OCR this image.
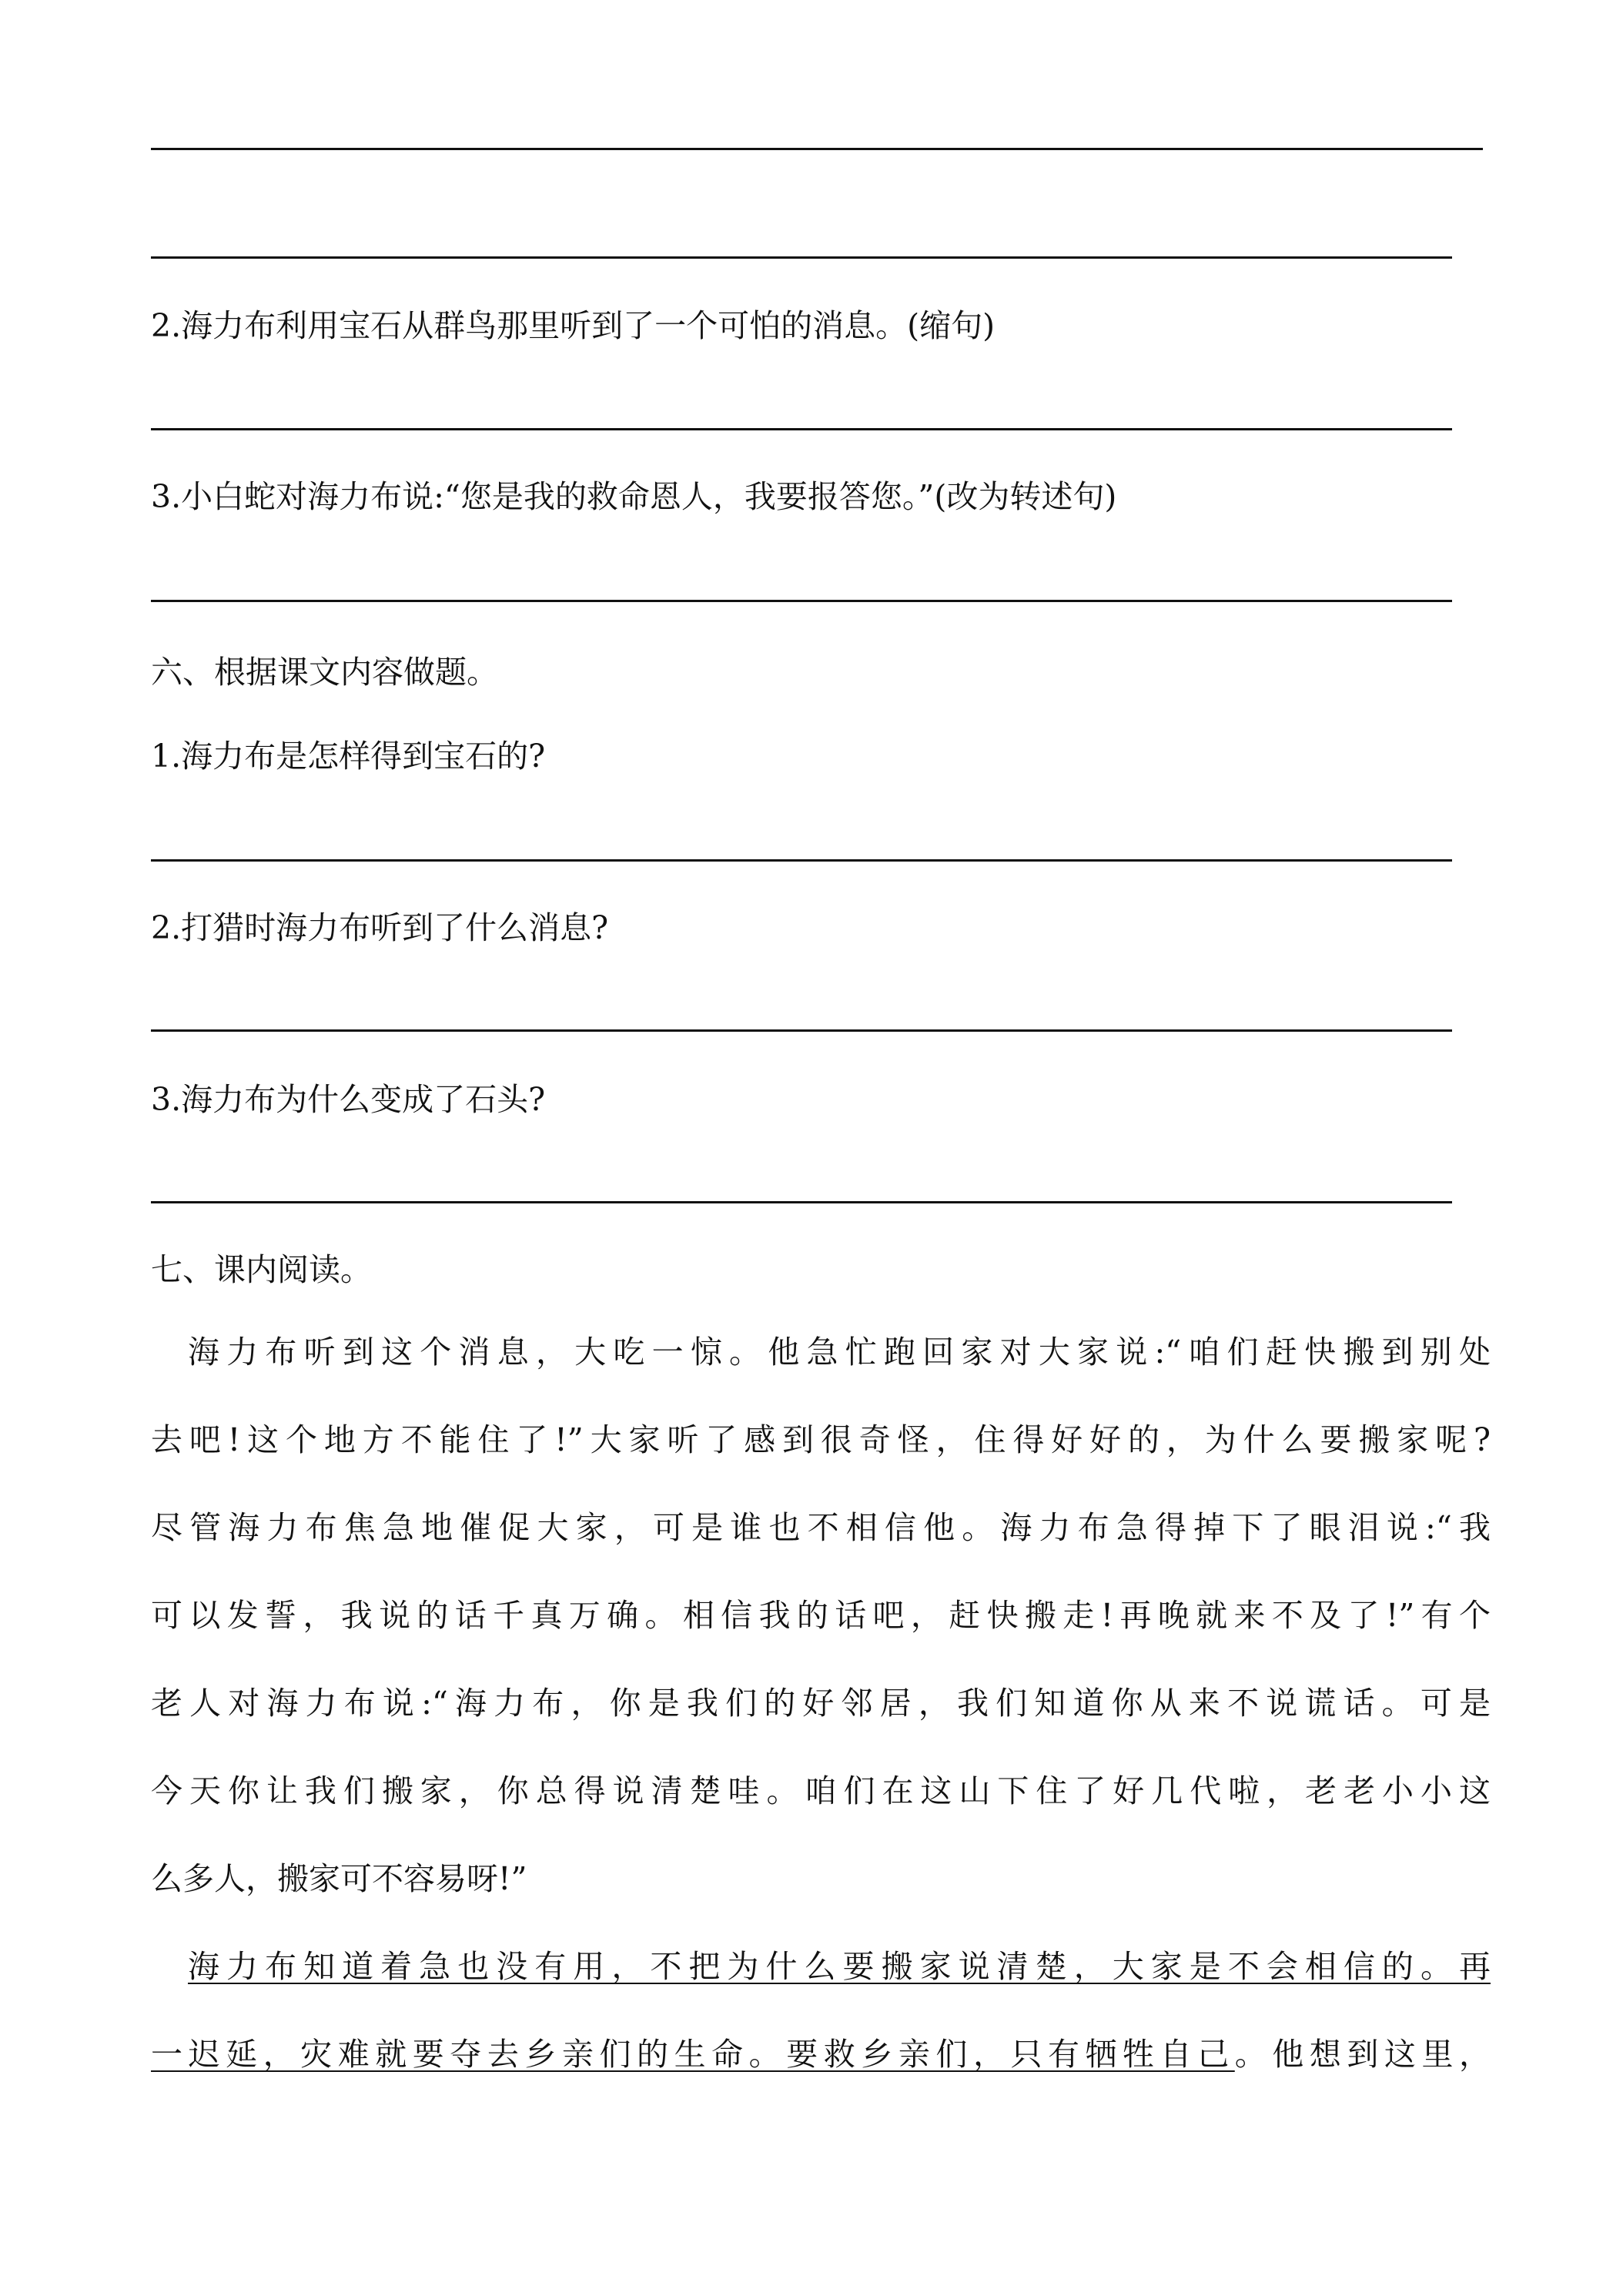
2.海力布利用宝石从群鸟那里听到了一个可怕的消息。(缩句)
3.小白蛇对海力布说:“您是我的救命恩人，我要报答您。”(改为转述句)
六、根据课文内容做题。
1.海力布是怎样得到宝石的?
2.打猎时海力布听到了什么消息?
3.海力布为什么变成了石头?
七、课内阅读。
海力布听到这个消息，大吃一惊。他急忙跑回家对大家说:“咱们赶快搬到别处
去吧!这个地方不能住了!”大家听了感到很奇怪，住得好好的，为什么要搬家呢?
尽管海力布焦急地催促大家，可是谁也不相信他。海力布急得掉下了眼泪说:“我
可以发誓，我说的话千真万确。相信我的话吧，赶快搬走!再晚就来不及了!”有个
老人对海力布说:“海力布，你是我们的好邻居，我们知道你从来不说谎话。可是
今天你让我们搬家，你总得说清楚哇。咱们在这山下住了好几代啦，老老小小这
么多人，搬家可不容易呀!”
海力布知道着急也没有用，不把为什么要搬家说清楚，大家是不会相信的。再
一迟延，灾难就要夺去乡亲们的生命。要救乡亲们，只有牺牲自己。他想到这里，
